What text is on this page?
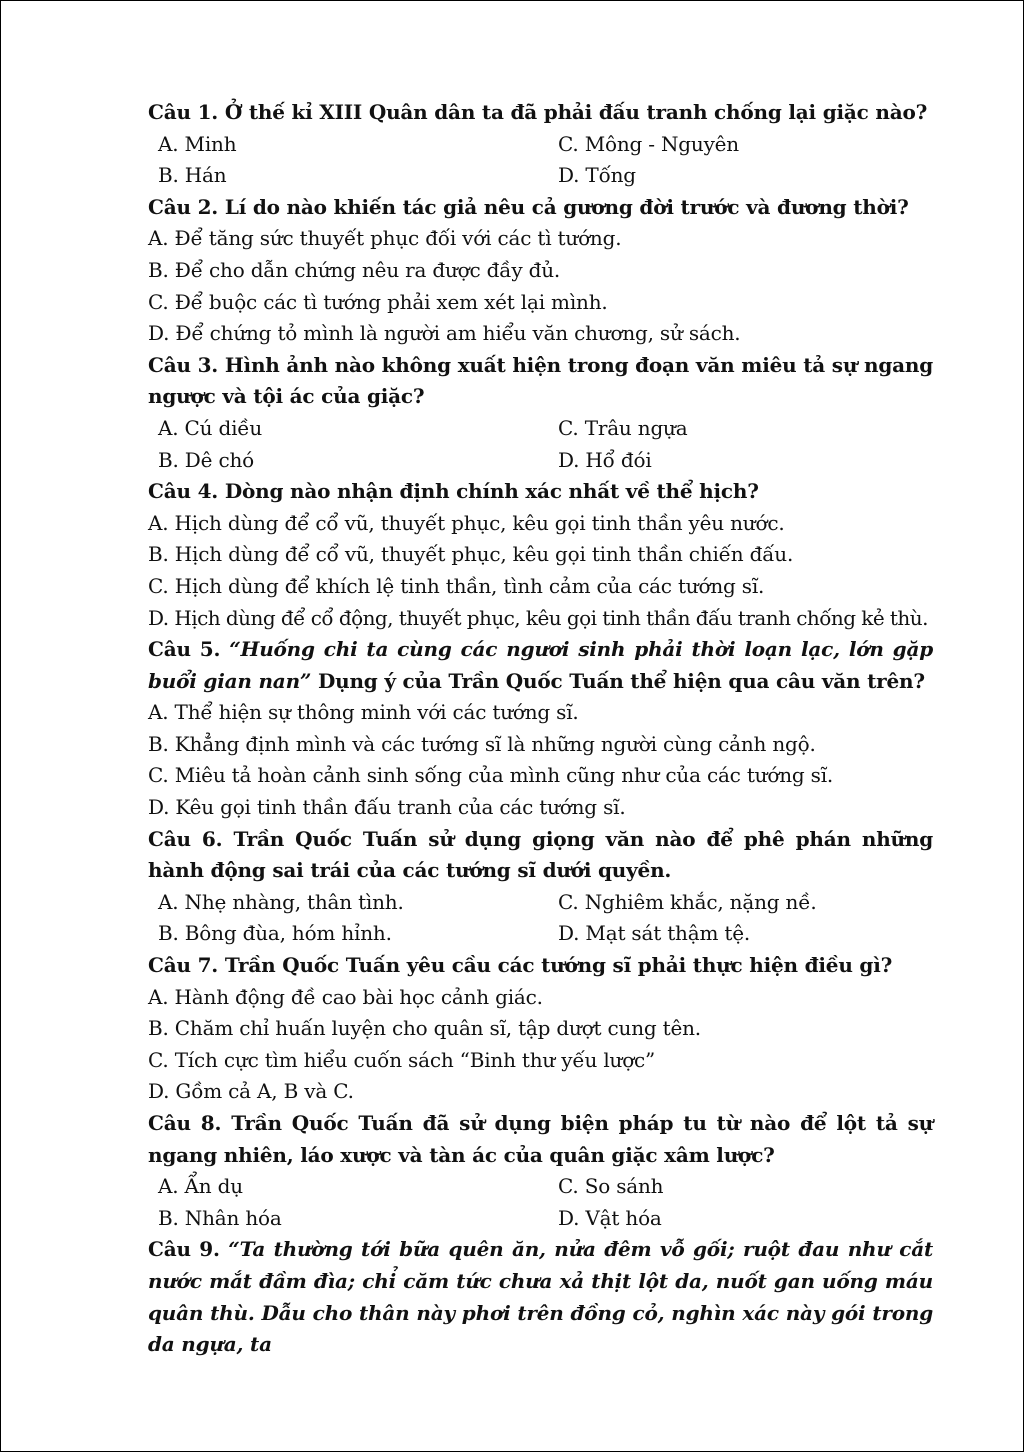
Câu 1. Ở thế kỉ XIII Quân dân ta đã phải đấu tranh chống lại giặc nào?
A. Minh	C. Mông - Nguyên
B. Hán	D. Tống
Câu 2. Lí do nào khiến tác giả nêu cả gương đời trước và đương thời?
A. Để tăng sức thuyết phục đối với các tì tướng.
B. Để cho dẫn chứng nêu ra được đầy đủ.
C. Để buộc các tì tướng phải xem xét lại mình.
D. Để chứng tỏ mình là người am hiểu văn chương, sử sách.
Câu 3. Hình ảnh nào không xuất hiện trong đoạn văn miêu tả sự ngang ngược và tội ác của giặc?
A. Cú diều	C. Trâu ngựa
B. Dê chó	D. Hổ đói
Câu 4. Dòng nào nhận định chính xác nhất về thể hịch?
A. Hịch dùng để cổ vũ, thuyết phục, kêu gọi tinh thần yêu nước.
B. Hịch dùng để cổ vũ, thuyết phục, kêu gọi tinh thần chiến đấu.
C. Hịch dùng để khích lệ tinh thần, tình cảm của các tướng sĩ.
D. Hịch dùng để cổ động, thuyết phục, kêu gọi tinh thần đấu tranh chống kẻ thù.
Câu 5. “Huống chi ta cùng các ngươi sinh phải thời loạn lạc, lớn gặp buổi gian nan” Dụng ý của Trần Quốc Tuấn thể hiện qua câu văn trên?
A. Thể hiện sự thông minh với các tướng sĩ.
B. Khẳng định mình và các tướng sĩ là những người cùng cảnh ngộ.
C. Miêu tả hoàn cảnh sinh sống của mình cũng như của các tướng sĩ.
D. Kêu gọi tinh thần đấu tranh của các tướng sĩ.
Câu 6. Trần Quốc Tuấn sử dụng giọng văn nào để phê phán những hành động sai trái của các tướng sĩ dưới quyền.
A. Nhẹ nhàng, thân tình.	C. Nghiêm khắc, nặng nề.
B. Bông đùa, hóm hỉnh.	D. Mạt sát thậm tệ.
Câu 7. Trần Quốc Tuấn yêu cầu các tướng sĩ phải thực hiện điều gì?
A. Hành động đề cao bài học cảnh giác.
B. Chăm chỉ huấn luyện cho quân sĩ, tập dượt cung tên.
C. Tích cực tìm hiểu cuốn sách “Binh thư yếu lược”
D. Gồm cả A, B và C.
Câu 8. Trần Quốc Tuấn đã sử dụng biện pháp tu từ nào để lột tả sự ngang nhiên, láo xược và tàn ác của quân giặc xâm lược?
A. Ẩn dụ	C. So sánh
B. Nhân hóa	D. Vật hóa
Câu 9. “Ta thường tới bữa quên ăn, nửa đêm vỗ gối; ruột đau như cắt nước mắt đầm đìa; chỉ căm tức chưa xả thịt lột da, nuốt gan uống máu quân thù. Dẫu cho thân này phơi trên đồng cỏ, nghìn xác này gói trong da ngựa, ta
